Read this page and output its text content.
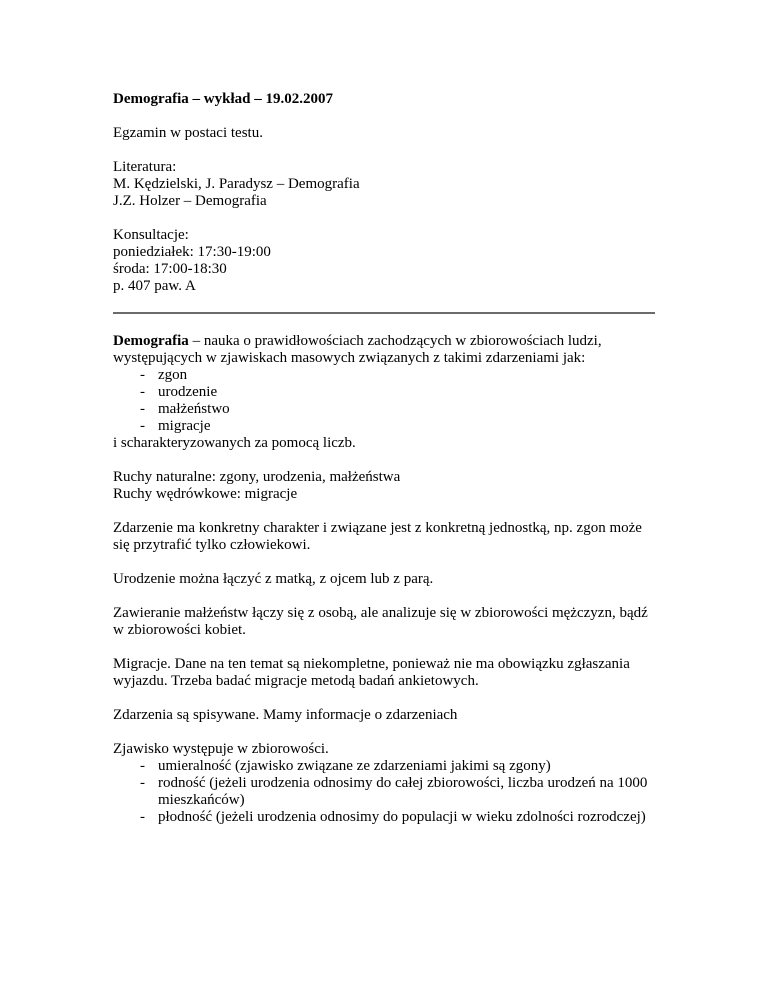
Demografia – wykład – 19.02.2007
Egzamin w postaci testu.
Literatura:
M. Kędzielski, J. Paradysz – Demografia
J.Z. Holzer – Demografia
Konsultacje:
poniedziałek: 17:30-19:00
środa: 17:00-18:30
p. 407 paw. A
Demografia – nauka o prawidłowościach zachodzących w zbiorowościach ludzi,
występujących w zjawiskach masowych związanych z takimi zdarzeniami jak:
- zgon
- urodzenie
- małżeństwo
- migracje
i scharakteryzowanych za pomocą liczb.
Ruchy naturalne: zgony, urodzenia, małżeństwa
Ruchy wędrówkowe: migracje
Zdarzenie ma konkretny charakter i związane jest z konkretną jednostką, np. zgon może
się przytrafić tylko człowiekowi.
Urodzenie można łączyć z matką, z ojcem lub z parą.
Zawieranie małżeństw łączy się z osobą, ale analizuje się w zbiorowości mężczyzn, bądź
w zbiorowości kobiet.
Migracje. Dane na ten temat są niekompletne, ponieważ nie ma obowiązku zgłaszania
wyjazdu. Trzeba badać migracje metodą badań ankietowych.
Zdarzenia są spisywane. Mamy informacje o zdarzeniach
Zjawisko występuje w zbiorowości.
- umieralność (zjawisko związane ze zdarzeniami jakimi są zgony)
- rodność (jeżeli urodzenia odnosimy do całej zbiorowości, liczba urodzeń na 1000
mieszkańców)
- płodność (jeżeli urodzenia odnosimy do populacji w wieku zdolności rozrodczej)
